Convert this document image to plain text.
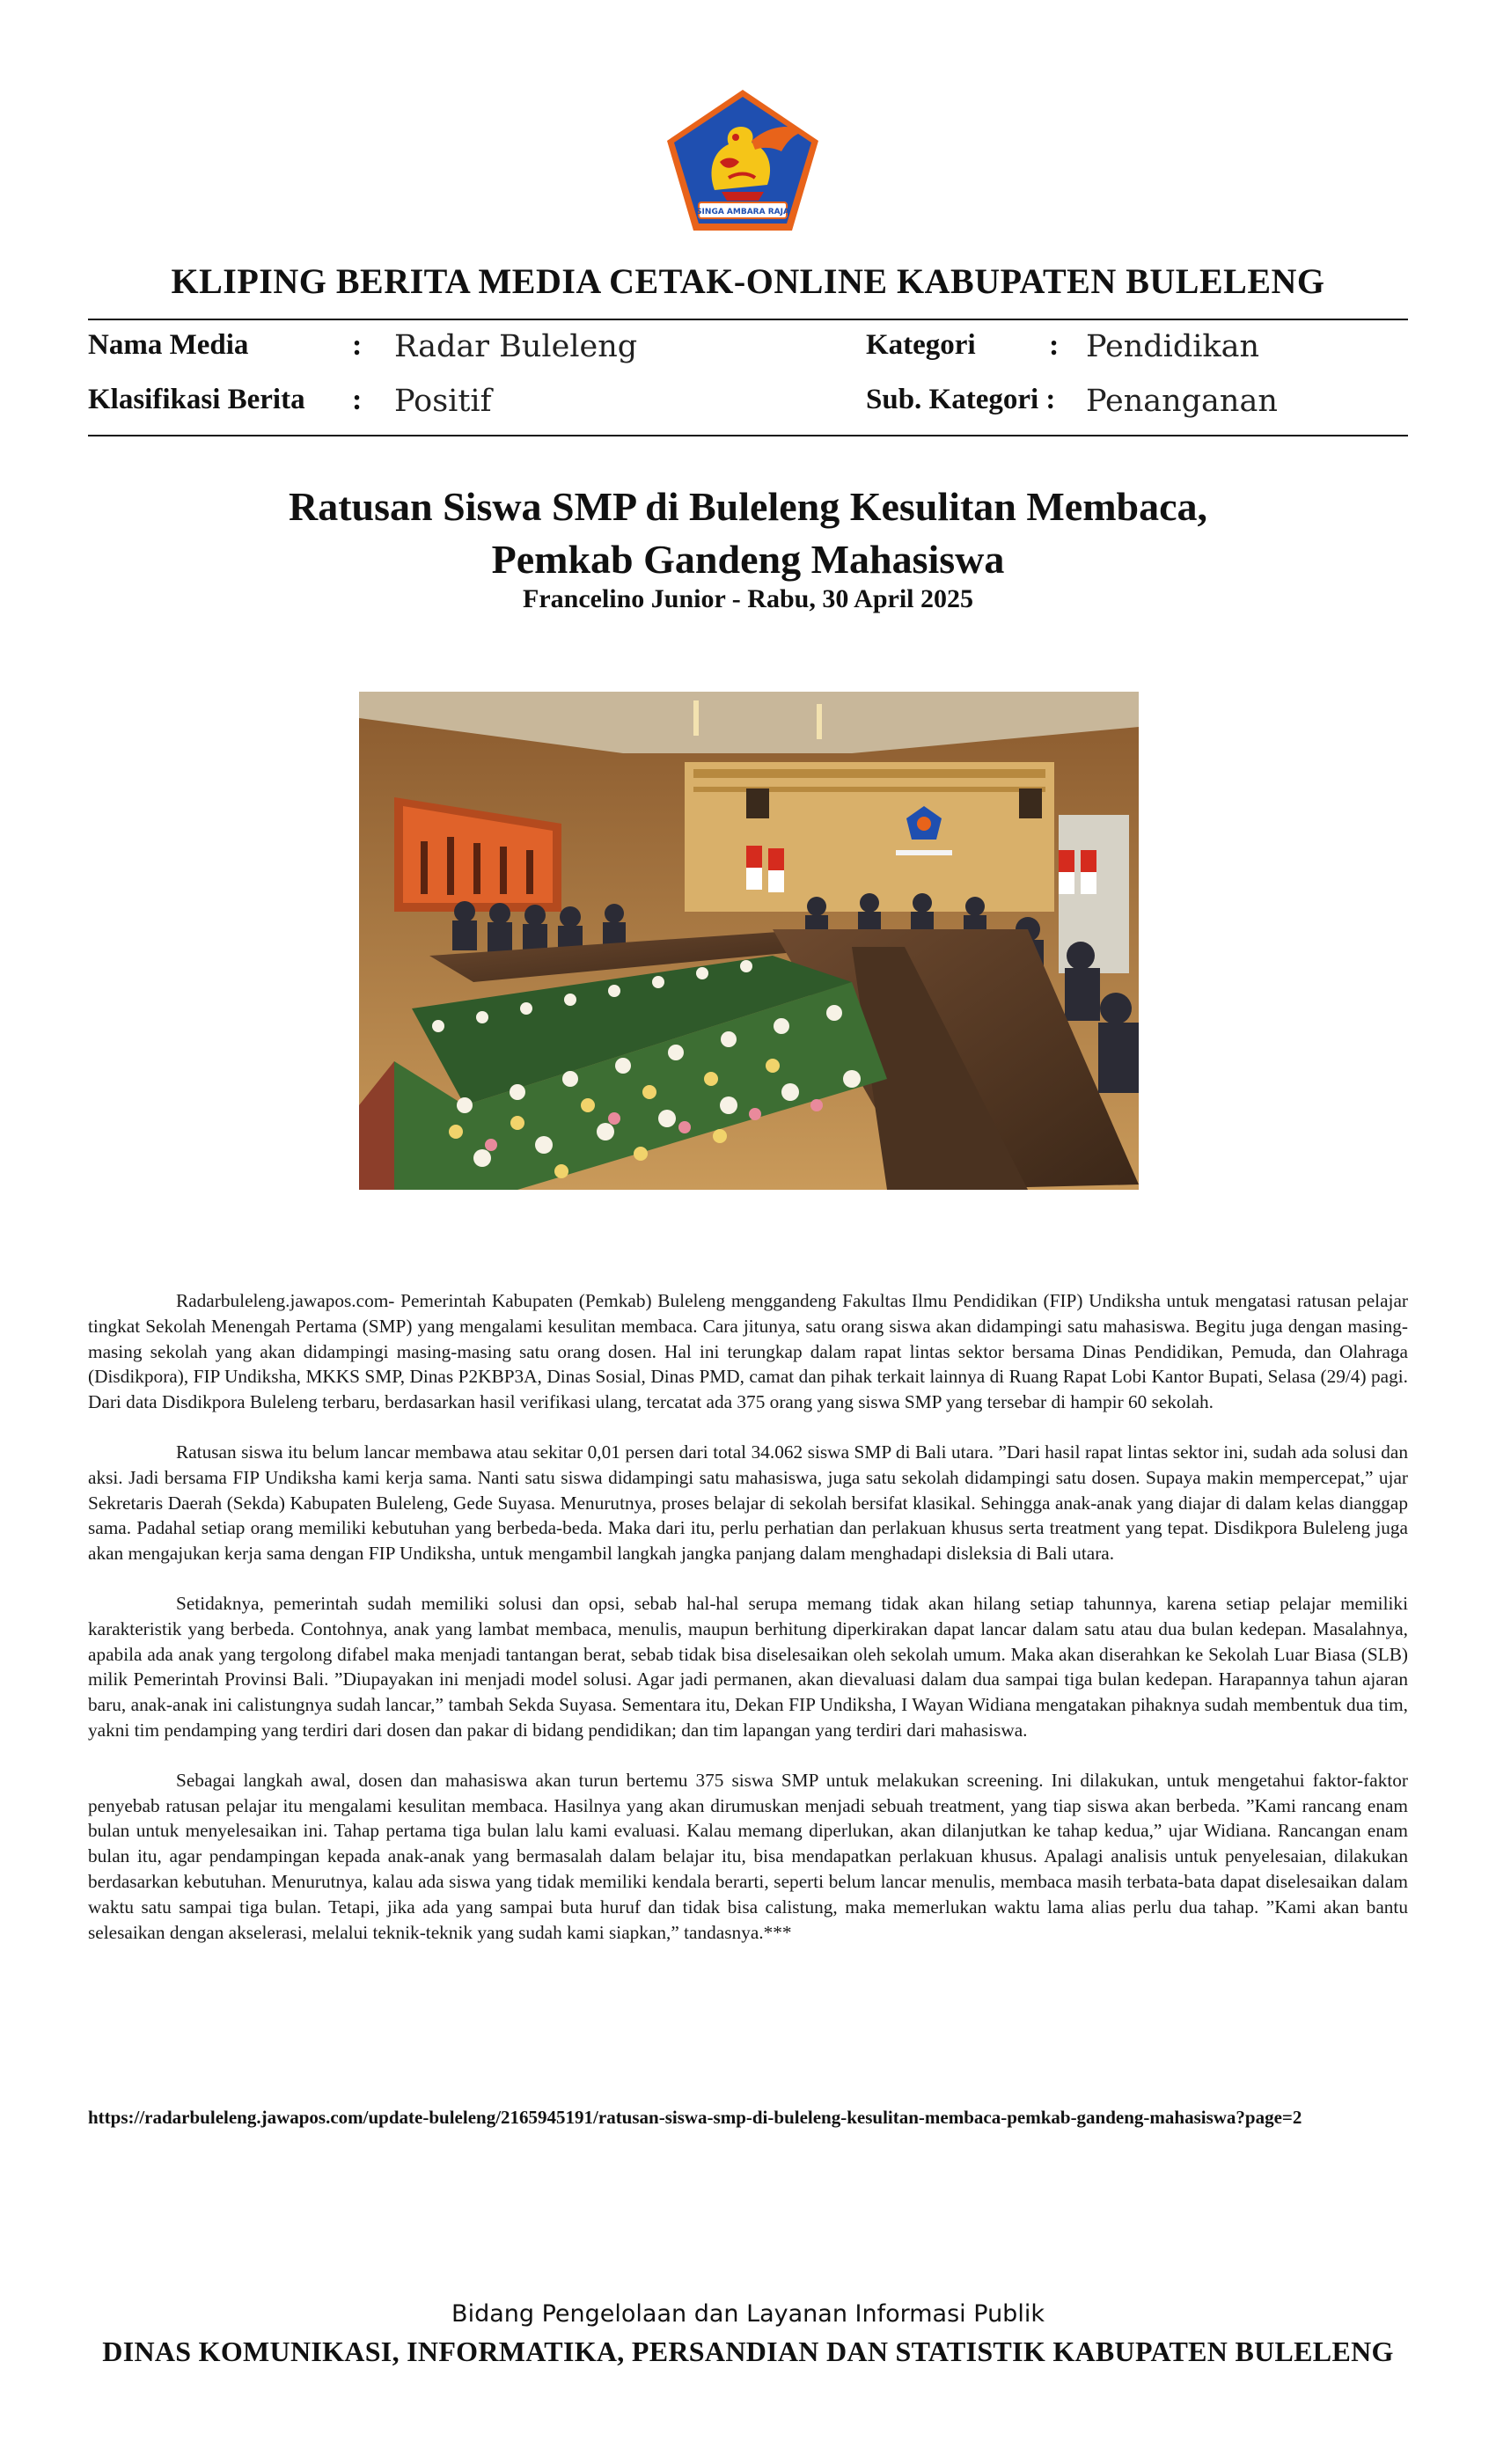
SINGA AMBARA RAJA
KLIPING BERITA MEDIA CETAK-ONLINE KABUPATEN BULELENG
Nama Media	: Radar Buleleng	Kategori : Pendidikan
Klasifikasi Berita : Positif	Sub. Kategori : Penanganan
Ratusan Siswa SMP di Buleleng Kesulitan Membaca,
Pemkab Gandeng Mahasiswa
Francelino Junior - Rabu, 30 April 2025

Radarbuleleng.jawapos.com- Pemerintah Kabupaten (Pemkab) Buleleng menggandeng Fakultas Ilmu Pendidikan (FIP) Undiksha untuk mengatasi ratusan pelajar tingkat Sekolah Menengah Pertama (SMP) yang mengalami kesulitan membaca. Cara jitunya, satu orang siswa akan didampingi satu mahasiswa. Begitu juga dengan masing-masing sekolah yang akan didampingi masing-masing satu orang dosen. Hal ini terungkap dalam rapat lintas sektor bersama Dinas Pendidikan, Pemuda, dan Olahraga (Disdikpora), FIP Undiksha, MKKS SMP, Dinas P2KBP3A, Dinas Sosial, Dinas PMD, camat dan pihak terkait lainnya di Ruang Rapat Lobi Kantor Bupati, Selasa (29/4) pagi. Dari data Disdikpora Buleleng terbaru, berdasarkan hasil verifikasi ulang, tercatat ada 375 orang yang siswa SMP yang tersebar di hampir 60 sekolah.

Ratusan siswa itu belum lancar membawa atau sekitar 0,01 persen dari total 34.062 siswa SMP di Bali utara. ”Dari hasil rapat lintas sektor ini, sudah ada solusi dan aksi. Jadi bersama FIP Undiksha kami kerja sama. Nanti satu siswa didampingi satu mahasiswa, juga satu sekolah didampingi satu dosen. Supaya makin mempercepat,” ujar Sekretaris Daerah (Sekda) Kabupaten Buleleng, Gede Suyasa. Menurutnya, proses belajar di sekolah bersifat klasikal. Sehingga anak-anak yang diajar di dalam kelas dianggap sama. Padahal setiap orang memiliki kebutuhan yang berbeda-beda. Maka dari itu, perlu perhatian dan perlakuan khusus serta treatment yang tepat. Disdikpora Buleleng juga akan mengajukan kerja sama dengan FIP Undiksha, untuk mengambil langkah jangka panjang dalam menghadapi disleksia di Bali utara.

Setidaknya, pemerintah sudah memiliki solusi dan opsi, sebab hal-hal serupa memang tidak akan hilang setiap tahunnya, karena setiap pelajar memiliki karakteristik yang berbeda. Contohnya, anak yang lambat membaca, menulis, maupun berhitung diperkirakan dapat lancar dalam satu atau dua bulan kedepan. Masalahnya, apabila ada anak yang tergolong difabel maka menjadi tantangan berat, sebab tidak bisa diselesaikan oleh sekolah umum. Maka akan diserahkan ke Sekolah Luar Biasa (SLB) milik Pemerintah Provinsi Bali. ”Diupayakan ini menjadi model solusi. Agar jadi permanen, akan dievaluasi dalam dua sampai tiga bulan kedepan. Harapannya tahun ajaran baru, anak-anak ini calistungnya sudah lancar,” tambah Sekda Suyasa. Sementara itu, Dekan FIP Undiksha, I Wayan Widiana mengatakan pihaknya sudah membentuk dua tim, yakni tim pendamping yang terdiri dari dosen dan pakar di bidang pendidikan; dan tim lapangan yang terdiri dari mahasiswa.

Sebagai langkah awal, dosen dan mahasiswa akan turun bertemu 375 siswa SMP untuk melakukan screening. Ini dilakukan, untuk mengetahui faktor-faktor penyebab ratusan pelajar itu mengalami kesulitan membaca. Hasilnya yang akan dirumuskan menjadi sebuah treatment, yang tiap siswa akan berbeda. ”Kami rancang enam bulan untuk menyelesaikan ini. Tahap pertama tiga bulan lalu kami evaluasi. Kalau memang diperlukan, akan dilanjutkan ke tahap kedua,” ujar Widiana. Rancangan enam bulan itu, agar pendampingan kepada anak-anak yang bermasalah dalam belajar itu, bisa mendapatkan perlakuan khusus. Apalagi analisis untuk penyelesaian, dilakukan berdasarkan kebutuhan. Menurutnya, kalau ada siswa yang tidak memiliki kendala berarti, seperti belum lancar menulis, membaca masih terbata-bata dapat diselesaikan dalam waktu satu sampai tiga bulan. Tetapi, jika ada yang sampai buta huruf dan tidak bisa calistung, maka memerlukan waktu lama alias perlu dua tahap. ”Kami akan bantu selesaikan dengan akselerasi, melalui teknik-teknik yang sudah kami siapkan,” tandasnya.***

https://radarbuleleng.jawapos.com/update-buleleng/2165945191/ratusan-siswa-smp-di-buleleng-kesulitan-membaca-pemkab-gandeng-mahasiswa?page=2
Bidang Pengelolaan dan Layanan Informasi Publik
DINAS KOMUNIKASI, INFORMATIKA, PERSANDIAN DAN STATISTIK KABUPATEN BULELENG
